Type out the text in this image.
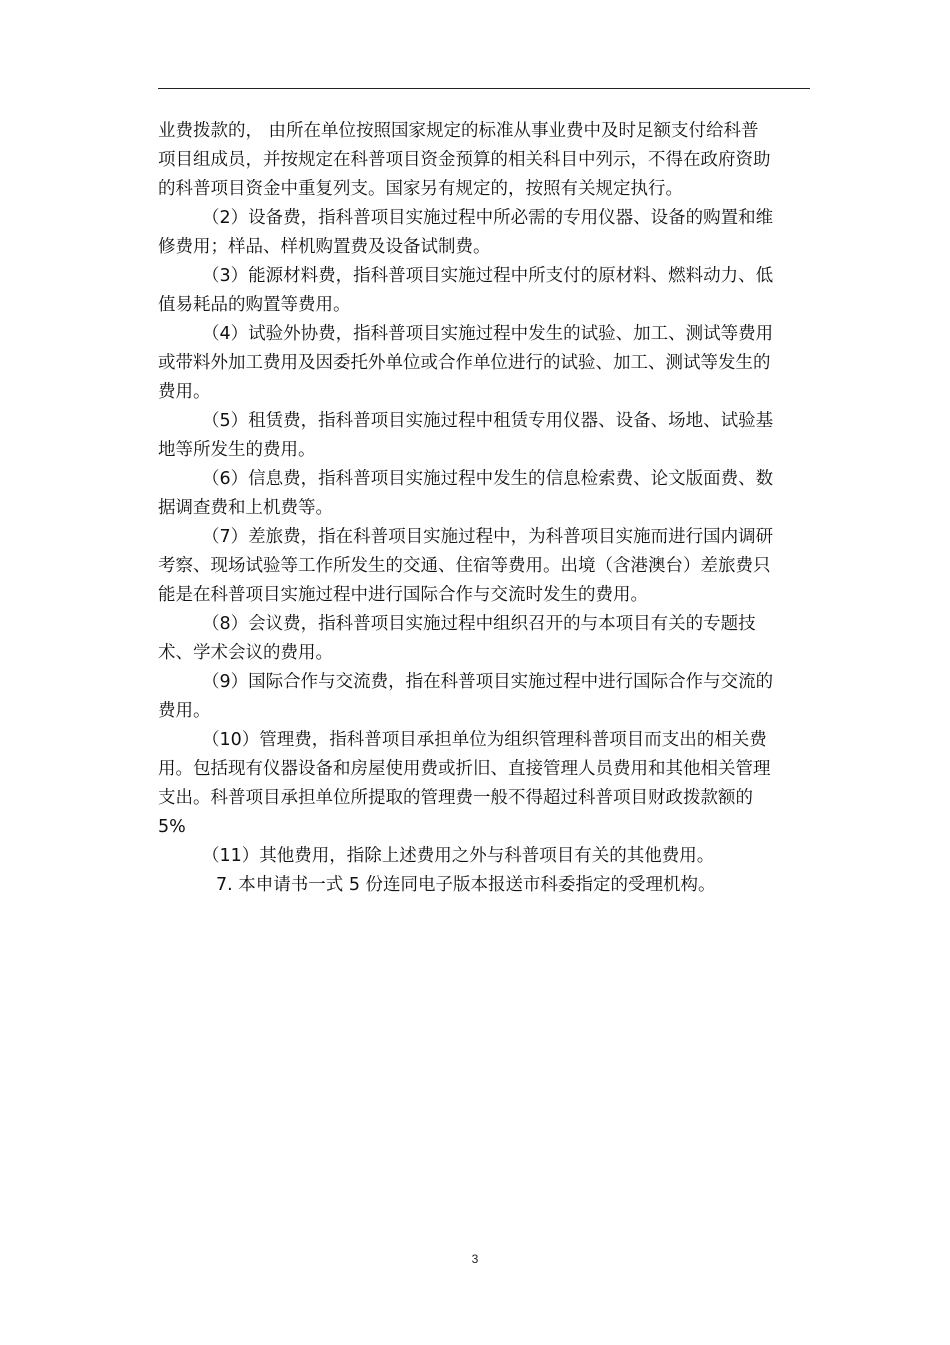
业费拨款的， 由所在单位按照国家规定的标准从事业费中及时足额支付给科普项目组成员，并按规定在科普项目资金预算的相关科目中列示，不得在政府资助的科普项目资金中重复列支。国家另有规定的，按照有关规定执行。

（2）设备费，指科普项目实施过程中所必需的专用仪器、设备的购置和维修费用；样品、样机购置费及设备试制费。

（3）能源材料费，指科普项目实施过程中所支付的原材料、燃料动力、低值易耗品的购置等费用。

（4）试验外协费，指科普项目实施过程中发生的试验、加工、测试等费用或带料外加工费用及因委托外单位或合作单位进行的试验、加工、测试等发生的费用。

（5）租赁费，指科普项目实施过程中租赁专用仪器、设备、场地、试验基地等所发生的费用。

（6）信息费，指科普项目实施过程中发生的信息检索费、论文版面费、数据调查费和上机费等。

（7）差旅费，指在科普项目实施过程中，为科普项目实施而进行国内调研考察、现场试验等工作所发生的交通、住宿等费用。出境（含港澳台）差旅费只能是在科普项目实施过程中进行国际合作与交流时发生的费用。

（8）会议费，指科普项目实施过程中组织召开的与本项目有关的专题技术、学术会议的费用。

（9）国际合作与交流费，指在科普项目实施过程中进行国际合作与交流的费用。

（10）管理费，指科普项目承担单位为组织管理科普项目而支出的相关费用。包括现有仪器设备和房屋使用费或折旧、直接管理人员费用和其他相关管理支出。科普项目承担单位所提取的管理费一般不得超过科普项目财政拨款额的 5%

（11）其他费用，指除上述费用之外与科普项目有关的其他费用。

7. 本申请书一式 5 份连同电子版本报送市科委指定的受理机构。

3
